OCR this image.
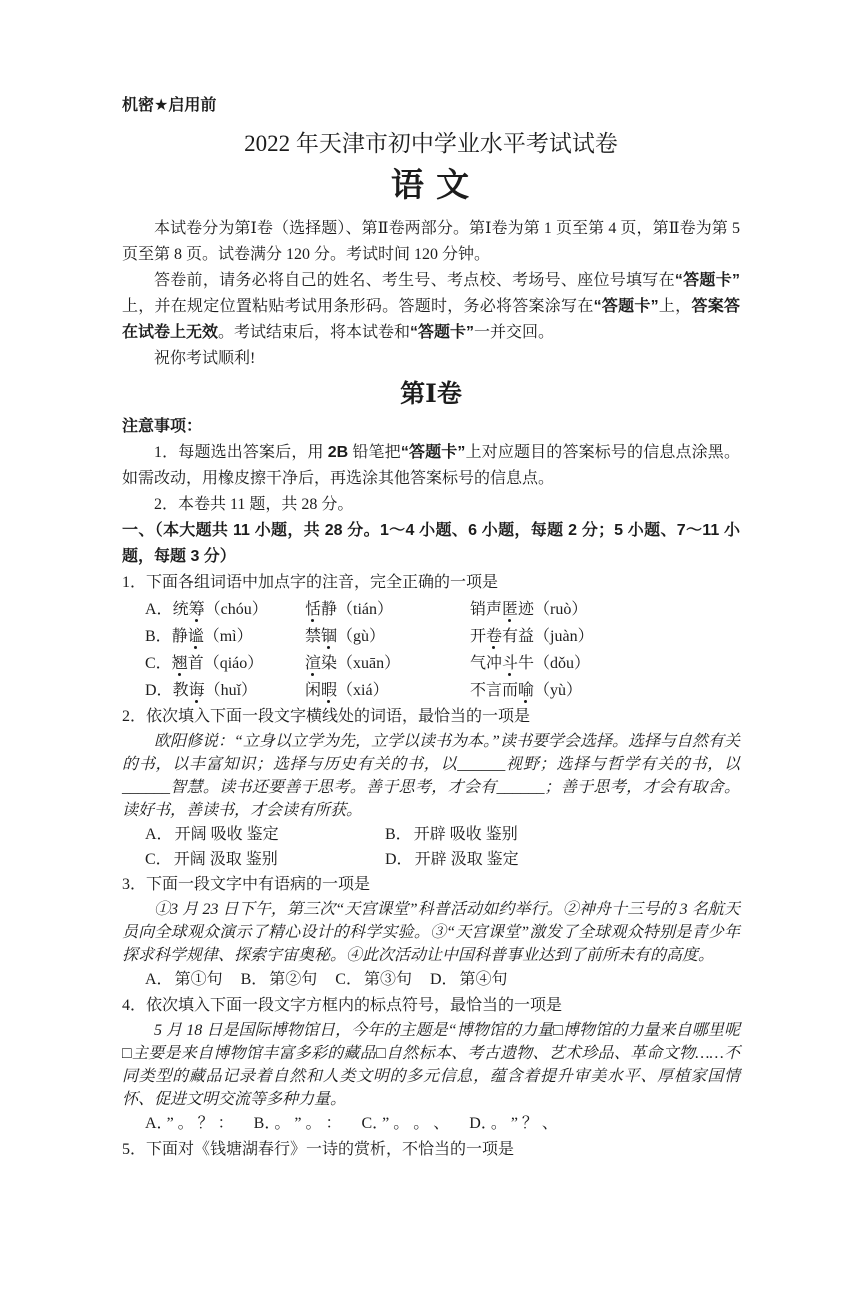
机密★启用前
2022 年天津市初中学业水平考试试卷
语 文

本试卷分为第Ⅰ卷（选择题）、第Ⅱ卷两部分。第Ⅰ卷为第 1 页至第 4 页，第Ⅱ卷为第 5 页至第 8 页。试卷满分 120 分。考试时间 120 分钟。

答卷前，请务必将自己的姓名、考生号、考点校、考场号、座位号填写在“答题卡”上，并在规定位置粘贴考试用条形码。答题时，务必将答案涂写在“答题卡”上，答案答在试卷上无效。考试结束后，将本试卷和“答题卡”一并交回。

祝你考试顺利!

第Ⅰ卷

注意事项：

1．每题选出答案后，用 2B 铅笔把“答题卡”上对应题目的答案标号的信息点涂黑。如需改动，用橡皮擦干净后，再选涂其他答案标号的信息点。

2．本卷共 11 题，共 28 分。

一、（本大题共 11 小题，共 28 分。1～4 小题、6 小题，每题 2 分；5 小题、7～11 小题，每题 3 分）

1．下面各组词语中加点字的注音，完全正确的一项是

A．统筹（chóu）	恬静（tián）	销声匿迹（ruò）
B．静谧（mì）	禁锢（gù）	开卷有益（juàn）
C．翘首（qiáo）	渲染（xuān）	气冲斗牛（dǒu）
D．教诲（huǐ）	闲暇（xiá）	不言而喻（yù）

2．依次填入下面一段文字横线处的词语，最恰当的一项是

欧阳修说：“立身以立学为先，立学以读书为本。”读书要学会选择。选择与自然有关的书，以丰富知识；选择与历史有关的书，以______视野；选择与哲学有关的书，以______智慧。读书还要善于思考。善于思考，才会有______；善于思考，才会有取舍。读好书，善读书，才会读有所获。

A． 开阔 吸收 鉴定	B． 开辟 吸收 鉴别
C． 开阔 汲取 鉴别	D． 开辟 汲取 鉴定

3．下面一段文字中有语病的一项是

①3 月 23 日下午，第三次“天宫课堂”科普活动如约举行。②神舟十三号的 3 名航天员向全球观众演示了精心设计的科学实验。③“天宫课堂”激发了全球观众特别是青少年探求科学规律、探索宇宙奥秘。④此次活动让中国科普事业达到了前所未有的高度。

A． 第①句 B． 第②句 C． 第③句 D． 第④句

4．依次填入下面一段文字方框内的标点符号，最恰当的一项是

5 月 18 日是国际博物馆日，今年的主题是“博物馆的力量□博物馆的力量来自哪里呢□主要是来自博物馆丰富多彩的藏品□自然标本、考古遗物、艺术珍品、革命文物……不同类型的藏品记录着自然和人类文明的多元信息，蕴含着提升审美水平、厚植家国情怀、促进文明交流等多种力量。

A． ” 。 ？ ： B． 。 ” 。 ： C． ” 。 。 、 D． 。 ” ？ 、

5．下面对《钱塘湖春行》一诗的赏析，不恰当的一项是
